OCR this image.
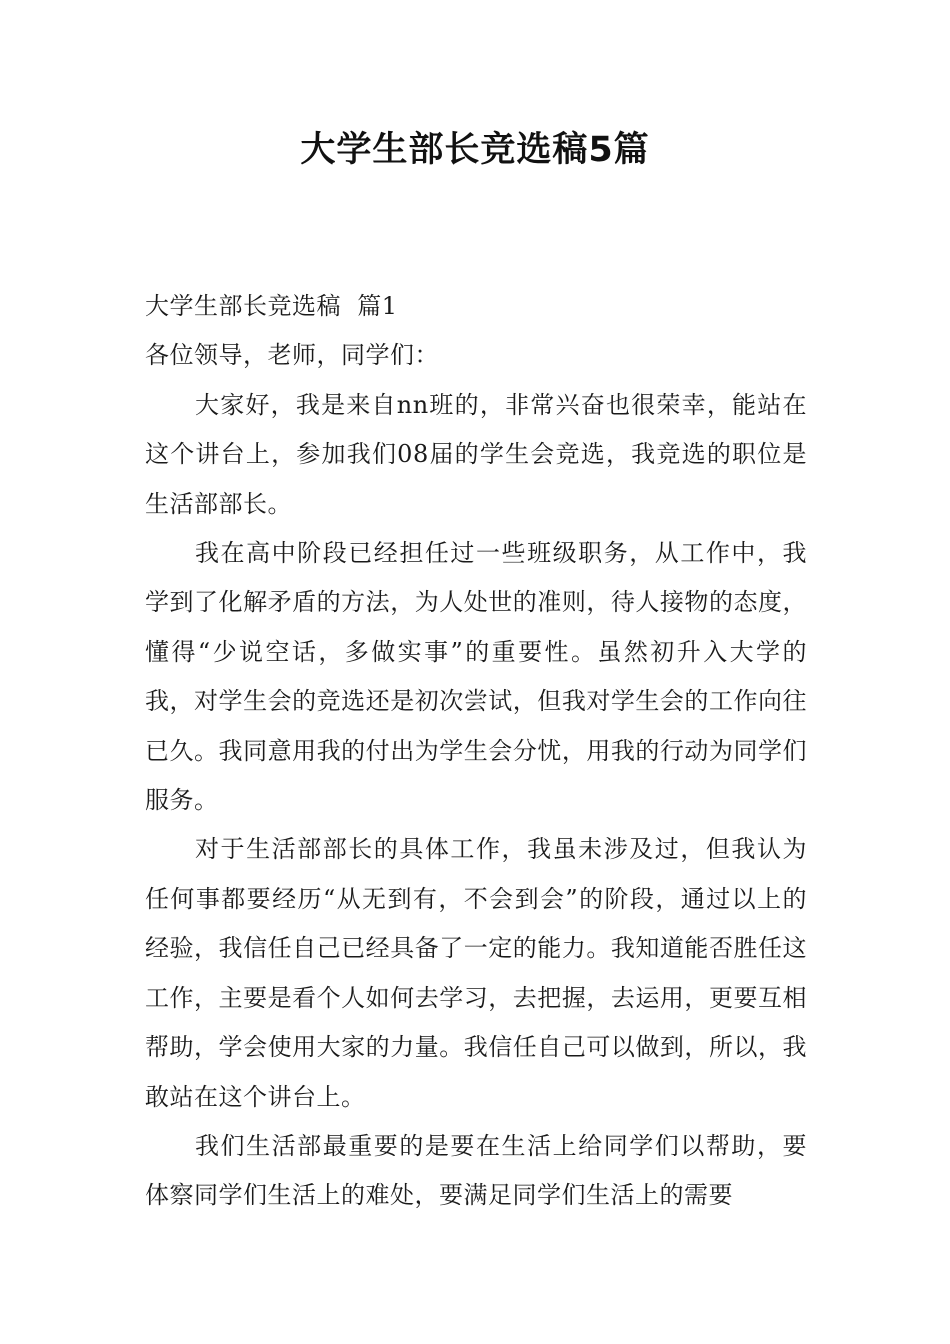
大学生部长竞选稿5篇

大学生部长竞选稿  篇1

各位领导，老师，同学们：

大家好，我是来自nn班的，非常兴奋也很荣幸，能站在这个讲台上，参加我们08届的学生会竞选，我竞选的职位是生活部部长。

我在高中阶段已经担任过一些班级职务，从工作中，我学到了化解矛盾的方法，为人处世的准则，待人接物的态度，懂得“少说空话，多做实事”的重要性。虽然初升入大学的我，对学生会的竞选还是初次尝试，但我对学生会的工作向往已久。我同意用我的付出为学生会分忧，用我的行动为同学们服务。

对于生活部部长的具体工作，我虽未涉及过，但我认为任何事都要经历“从无到有，不会到会”的阶段，通过以上的经验，我信任自己已经具备了一定的能力。我知道能否胜任这工作，主要是看个人如何去学习，去把握，去运用，更要互相帮助，学会使用大家的力量。我信任自己可以做到，所以，我敢站在这个讲台上。

我们生活部最重要的是要在生活上给同学们以帮助，要体察同学们生活上的难处，要满足同学们生活上的需要
